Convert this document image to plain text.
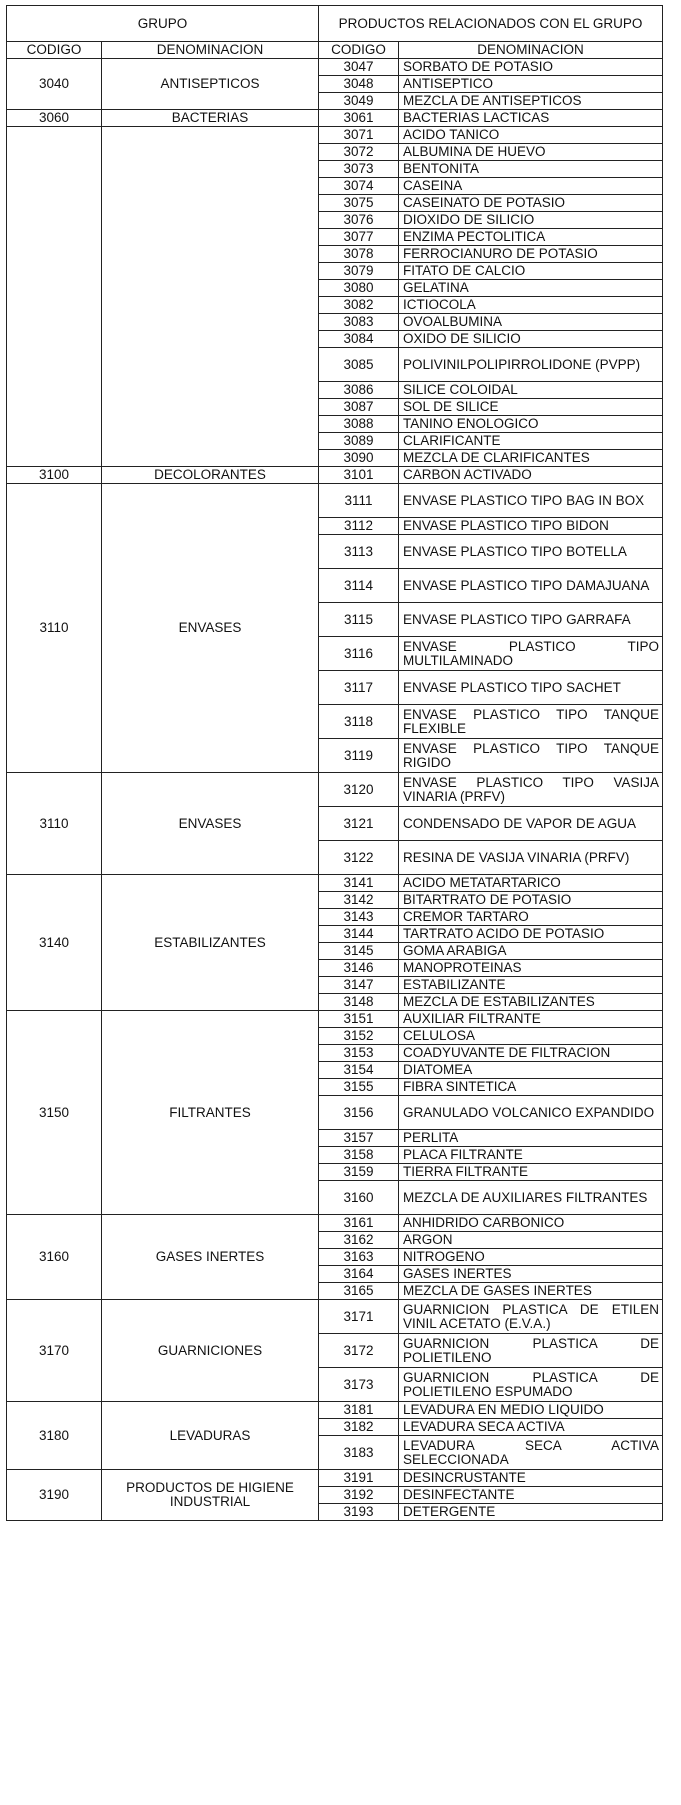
GRUPO		PRODUCTOS RELACIONADOS CON EL GRUPO	
CODIGO	DENOMINACION	CODIGO	DENOMINACION
3040	ANTISEPTICOS	3047	SORBATO DE POTASIO
		3048	ANTISEPTICO
		3049	MEZCLA DE ANTISEPTICOS
3060	BACTERIAS	3061	BACTERIAS LACTICAS
		3071	ACIDO TANICO
		3072	ALBUMINA DE HUEVO
		3073	BENTONITA
		3074	CASEINA
		3075	CASEINATO DE POTASIO
		3076	DIOXIDO DE SILICIO
		3077	ENZIMA PECTOLITICA
		3078	FERROCIANURO DE POTASIO
		3079	FITATO DE CALCIO
		3080	GELATINA
		3082	ICTIOCOLA
		3083	OVOALBUMINA
		3084	OXIDO DE SILICIO
		3085	POLIVINILPOLIPIRROLIDONE (PVPP)
		3086	SILICE COLOIDAL
		3087	SOL DE SILICE
		3088	TANINO ENOLOGICO
		3089	CLARIFICANTE
		3090	MEZCLA DE CLARIFICANTES
3100	DECOLORANTES	3101	CARBON ACTIVADO
3110	ENVASES	3111	ENVASE PLASTICO TIPO BAG IN BOX
		3112	ENVASE PLASTICO TIPO BIDON
		3113	ENVASE PLASTICO TIPO BOTELLA
		3114	ENVASE PLASTICO TIPO DAMAJUANA
		3115	ENVASE PLASTICO TIPO GARRAFA
		3116	ENVASE PLASTICO TIPO MULTILAMINADO
		3117	ENVASE PLASTICO TIPO SACHET
		3118	ENVASE PLASTICO TIPO TANQUE FLEXIBLE
		3119	ENVASE PLASTICO TIPO TANQUE RIGIDO
3110	ENVASES	3120	ENVASE PLASTICO TIPO VASIJA VINARIA (PRFV)
		3121	CONDENSADO DE VAPOR DE AGUA
		3122	RESINA DE VASIJA VINARIA (PRFV)
3140	ESTABILIZANTES	3141	ACIDO METATARTARICO
		3142	BITARTRATO DE POTASIO
		3143	CREMOR TARTARO
		3144	TARTRATO ACIDO DE POTASIO
		3145	GOMA ARABIGA
		3146	MANOPROTEINAS
		3147	ESTABILIZANTE
		3148	MEZCLA DE ESTABILIZANTES
3150	FILTRANTES	3151	AUXILIAR FILTRANTE
		3152	CELULOSA
		3153	COADYUVANTE DE FILTRACION
		3154	DIATOMEA
		3155	FIBRA SINTETICA
		3156	GRANULADO VOLCANICO EXPANDIDO
		3157	PERLITA
		3158	PLACA FILTRANTE
		3159	TIERRA FILTRANTE
		3160	MEZCLA DE AUXILIARES FILTRANTES
3160	GASES INERTES	3161	ANHIDRIDO CARBONICO
		3162	ARGON
		3163	NITROGENO
		3164	GASES INERTES
		3165	MEZCLA DE GASES INERTES
3170	GUARNICIONES	3171	GUARNICION PLASTICA DE ETILEN VINIL ACETATO (E.V.A.)
		3172	GUARNICION PLASTICA DE POLIETILENO
		3173	GUARNICION PLASTICA DE POLIETILENO ESPUMADO
3180	LEVADURAS	3181	LEVADURA EN MEDIO LIQUIDO
		3182	LEVADURA SECA ACTIVA
		3183	LEVADURA SECA ACTIVA SELECCIONADA
3190	PRODUCTOS DE HIGIENE INDUSTRIAL	3191	DESINCRUSTANTE
		3192	DESINFECTANTE
		3193	DETERGENTE
